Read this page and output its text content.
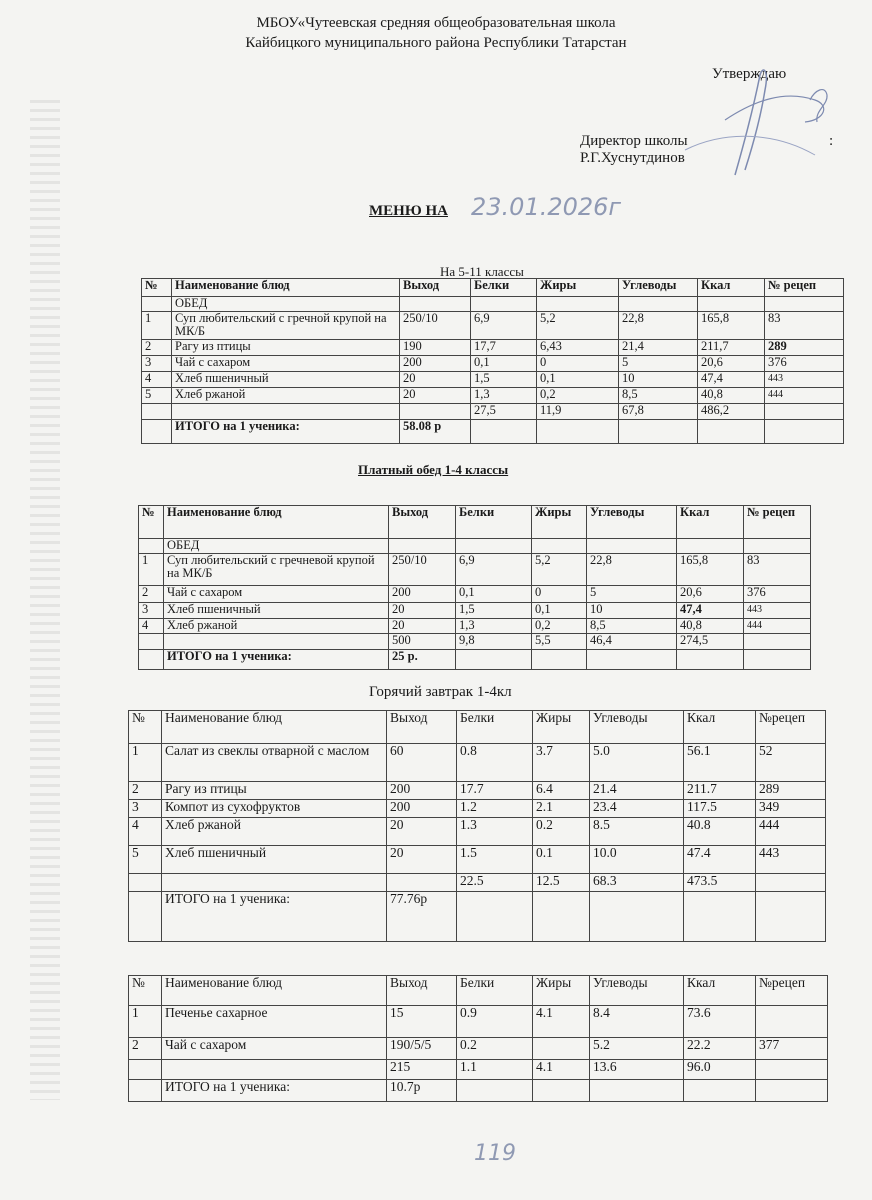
МБОУ«Чутеевская средняя общеобразовательная школа
Кайбицкого муниципального района Республики Татарстан
Утверждаю
Директор школы
Р.Г.Хуснутдинов
:
МЕНЮ НА 23.01.2026г
На 5-11 классы
№	Наименование блюд	Выход	Белки	Жиры	Углеводы	Ккал	№ рецеп
	ОБЕД						
1	Суп любительский с гречной крупой на МК/Б	250/10	6,9	5,2	22,8	165,8	83
2	Рагу из птицы	190	17,7	6,43	21,4	211,7	289
3	Чай с сахаром	200	0,1	0	5	20,6	376
4	Хлеб пшеничный	20	1,5	0,1	10	47,4	443
5	Хлеб ржаной	20	1,3	0,2	8,5	40,8	444
			27,5	11,9	67,8	486,2	
	ИТОГО на 1 ученика:	58.08 р					
Платный обед 1-4 классы
№	Наименование блюд	Выход	Белки	Жиры	Углеводы	Ккал	№ рецеп
	ОБЕД						
1	Суп любительский с гречневой крупой на МК/Б	250/10	6,9	5,2	22,8	165,8	83
2	Чай с сахаром	200	0,1	0	5	20,6	376
3	Хлеб пшеничный	20	1,5	0,1	10	47,4	443
4	Хлеб ржаной	20	1,3	0,2	8,5	40,8	444
		500	9,8	5,5	46,4	274,5	
	ИТОГО на 1 ученика:	25 р.					
Горячий завтрак 1-4кл
№	Наименование блюд	Выход	Белки	Жиры	Углеводы	Ккал	№рецеп
1	Салат из свеклы отварной с маслом	60	0.8	3.7	5.0	56.1	52
2	Рагу из птицы	200	17.7	6.4	21.4	211.7	289
3	Компот из сухофруктов	200	1.2	2.1	23.4	117.5	349
4	Хлеб ржаной	20	1.3	0.2	8.5	40.8	444
5	Хлеб пшеничный	20	1.5	0.1	10.0	47.4	443
			22.5	12.5	68.3	473.5	
	ИТОГО на 1 ученика:	77.76р					
№	Наименование блюд	Выход	Белки	Жиры	Углеводы	Ккал	№рецеп
1	Печенье сахарное	15	0.9	4.1	8.4	73.6	
2	Чай с сахаром	190/5/5	0.2		5.2	22.2	377
		215	1.1	4.1	13.6	96.0	
	ИТОГО на 1 ученика:	10.7р					
119
